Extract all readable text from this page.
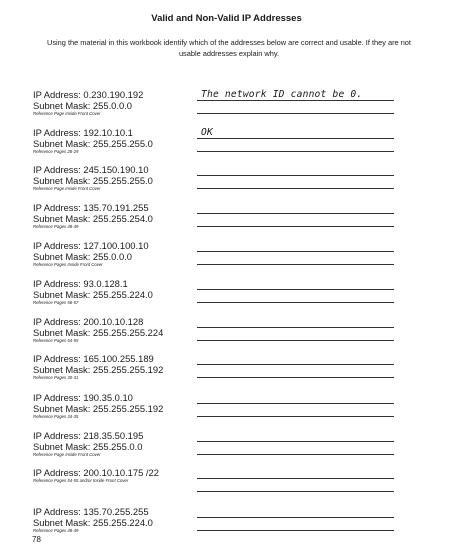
Valid and Non-Valid IP Addresses
Using the material in this workbook identify which of the addresses below are correct and usable. If they are not usable addresses explain why.
IP Address: 0.230.190.192
Subnet Mask: 255.0.0.0
Reference Page Inside Front Cover
The network ID cannot be 0.
IP Address: 192.10.10.1
Subnet Mask: 255.255.255.0
Reference Pages 28-29
OK
IP Address: 245.150.190.10
Subnet Mask: 255.255.255.0
Reference Page Inside Front Cover
IP Address: 135.70.191.255
Subnet Mask: 255.255.254.0
Reference Pages 48-49
IP Address: 127.100.100.10
Subnet Mask: 255.0.0.0
Reference Pages Inside Front Cover
IP Address: 93.0.128.1
Subnet Mask: 255.255.224.0
Reference Pages 56-57
IP Address: 200.10.10.128
Subnet Mask: 255.255.255.224
Reference Pages 54-55
IP Address: 165.100.255.189
Subnet Mask: 255.255.255.192
Reference Pages 30-31
IP Address: 190.35.0.10
Subnet Mask: 255.255.255.192
Reference Pages 34-35
IP Address: 218.35.50.195
Subnet Mask: 255.255.0.0
Reference Page Inside Front Cover
IP Address: 200.10.10.175 /22
Reference Pages 54-55 and/or Inside Front Cover
IP Address: 135.70.255.255
Subnet Mask: 255.255.224.0
Reference Pages 48-49
78
